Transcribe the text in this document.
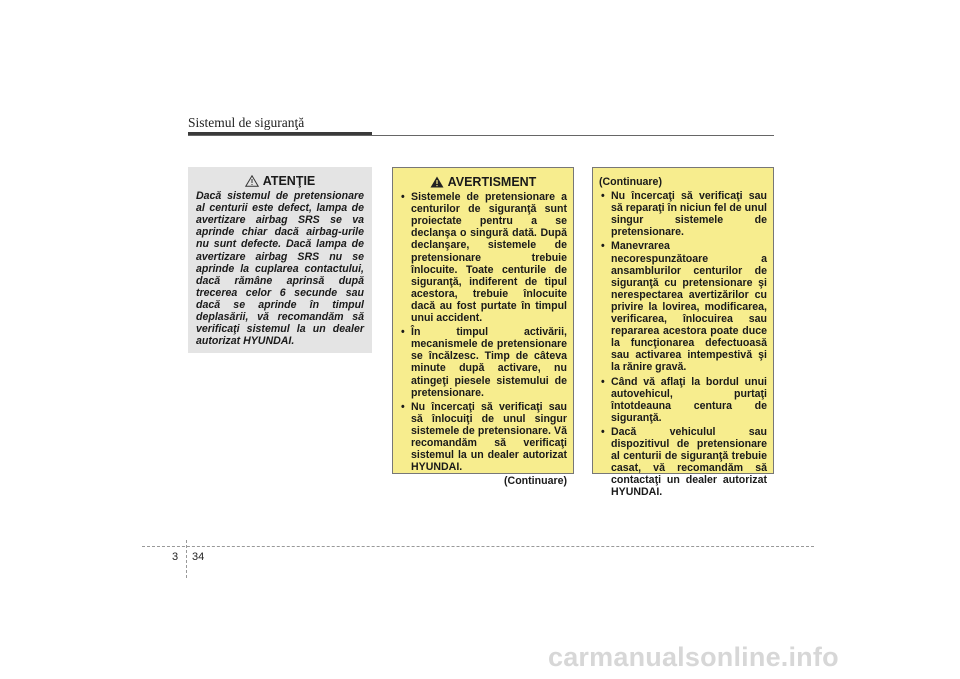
Sistemul de siguranţă
ATENŢIE

Dacă sistemul de pretensionare al centurii este defect, lampa de avertizare airbag SRS se va aprinde chiar dacă airbag-urile nu sunt defecte. Dacă lampa de avertizare airbag SRS nu se aprinde la cuplarea contactului, dacă rămâne aprinsă după trecerea celor 6 secunde sau dacă se aprinde în timpul deplasării, vă recomandăm să verificaţi sistemul la un dealer autorizat HYUNDAI.

AVERTISMENT
• Sistemele de pretensionare a centurilor de siguranţă sunt proiectate pentru a se declanşa o singură dată. După declanşare, sistemele de pretensionare trebuie înlocuite. Toate centurile de siguranţă, indiferent de tipul acestora, trebuie înlocuite dacă au fost purtate în timpul unui accident.
• În timpul activării, mecanismele de pretensionare se încălzesc. Timp de câteva minute după activare, nu atingeţi piesele sistemului de pretensionare.
• Nu încercaţi să verificaţi sau să înlocuiţi de unul singur sistemele de pretensionare. Vă recomandăm să verificaţi sistemul la un dealer autorizat HYUNDAI.
(Continuare)
(Continuare)
• Nu încercaţi să verificaţi sau să reparaţi în niciun fel de unul singur sistemele de pretensionare.
• Manevrarea necorespunzătoare a ansamblurilor centurilor de siguranţă cu pretensionare şi nerespectarea avertizărilor cu privire la lovirea, modificarea, verificarea, înlocuirea sau repararea acestora poate duce la funcţionarea defectuoasă sau activarea intempestivă şi la rănire gravă.
• Când vă aflaţi la bordul unui autovehicul, purtaţi întotdeauna centura de siguranţă.
• Dacă vehiculul sau dispozitivul de pretensionare al centurii de siguranţă trebuie casat, vă recomandăm să contactaţi un dealer autorizat HYUNDAI.
3 34
carmanualsonline.info
